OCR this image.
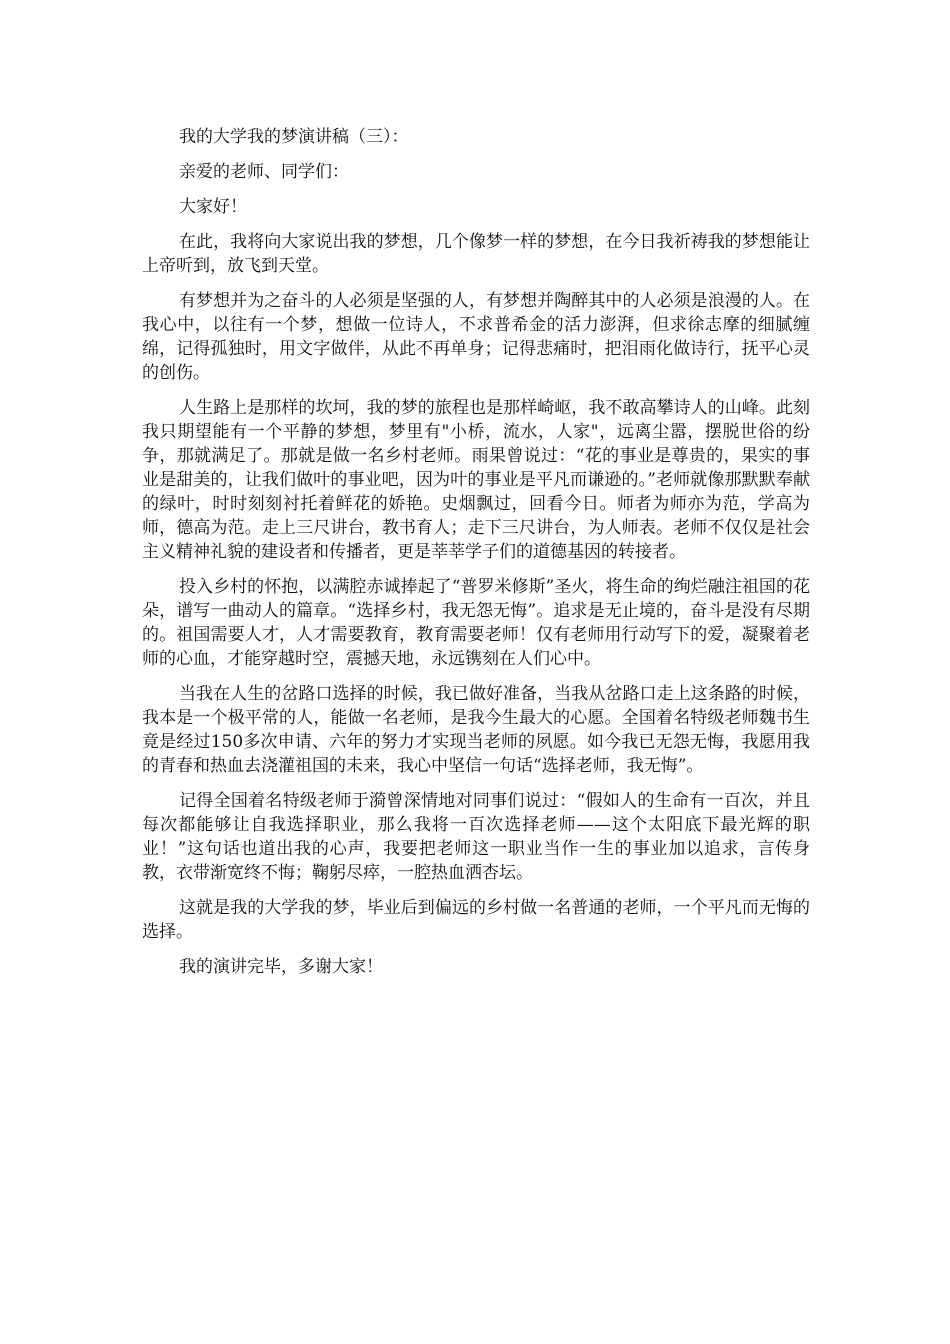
我的大学我的梦演讲稿（三）：

亲爱的老师、同学们：

大家好！

在此，我将向大家说出我的梦想，几个像梦一样的梦想，在今日我祈祷我的梦想能让上帝听到，放飞到天堂。

有梦想并为之奋斗的人必须是坚强的人，有梦想并陶醉其中的人必须是浪漫的人。在我心中，以往有一个梦，想做一位诗人，不求普希金的活力澎湃，但求徐志摩的细腻缠绵，记得孤独时，用文字做伴，从此不再单身；记得悲痛时，把泪雨化做诗行，抚平心灵的创伤。

人生路上是那样的坎坷，我的梦的旅程也是那样崎岖，我不敢高攀诗人的山峰。此刻我只期望能有一个平静的梦想，梦里有"小桥，流水，人家"，远离尘嚣，摆脱世俗的纷争，那就满足了。那就是做一名乡村老师。雨果曾说过：“花的事业是尊贵的，果实的事业是甜美的，让我们做叶的事业吧，因为叶的事业是平凡而谦逊的。”老师就像那默默奉献的绿叶，时时刻刻衬托着鲜花的娇艳。史烟飘过，回看今日。师者为师亦为范，学高为师，德高为范。走上三尺讲台，教书育人；走下三尺讲台，为人师表。老师不仅仅是社会主义精神礼貌的建设者和传播者，更是莘莘学子们的道德基因的转接者。

投入乡村的怀抱，以满腔赤诚捧起了“普罗米修斯”圣火，将生命的绚烂融注祖国的花朵，谱写一曲动人的篇章。“选择乡村，我无怨无悔”。追求是无止境的，奋斗是没有尽期的。祖国需要人才，人才需要教育，教育需要老师！仅有老师用行动写下的爱，凝聚着老师的心血，才能穿越时空，震撼天地，永远镌刻在人们心中。

当我在人生的岔路口选择的时候，我已做好准备，当我从岔路口走上这条路的时候，我本是一个极平常的人，能做一名老师，是我今生最大的心愿。全国着名特级老师魏书生竟是经过150多次申请、六年的努力才实现当老师的夙愿。如今我已无怨无悔，我愿用我的青春和热血去浇灌祖国的未来，我心中坚信一句话“选择老师，我无悔”。

记得全国着名特级老师于漪曾深情地对同事们说过：“假如人的生命有一百次，并且每次都能够让自我选择职业，那么我将一百次选择老师——这个太阳底下最光辉的职业！”这句话也道出我的心声，我要把老师这一职业当作一生的事业加以追求，言传身教，衣带渐宽终不悔；鞠躬尽瘁，一腔热血洒杏坛。

这就是我的大学我的梦，毕业后到偏远的乡村做一名普通的老师，一个平凡而无悔的选择。

我的演讲完毕，多谢大家！
